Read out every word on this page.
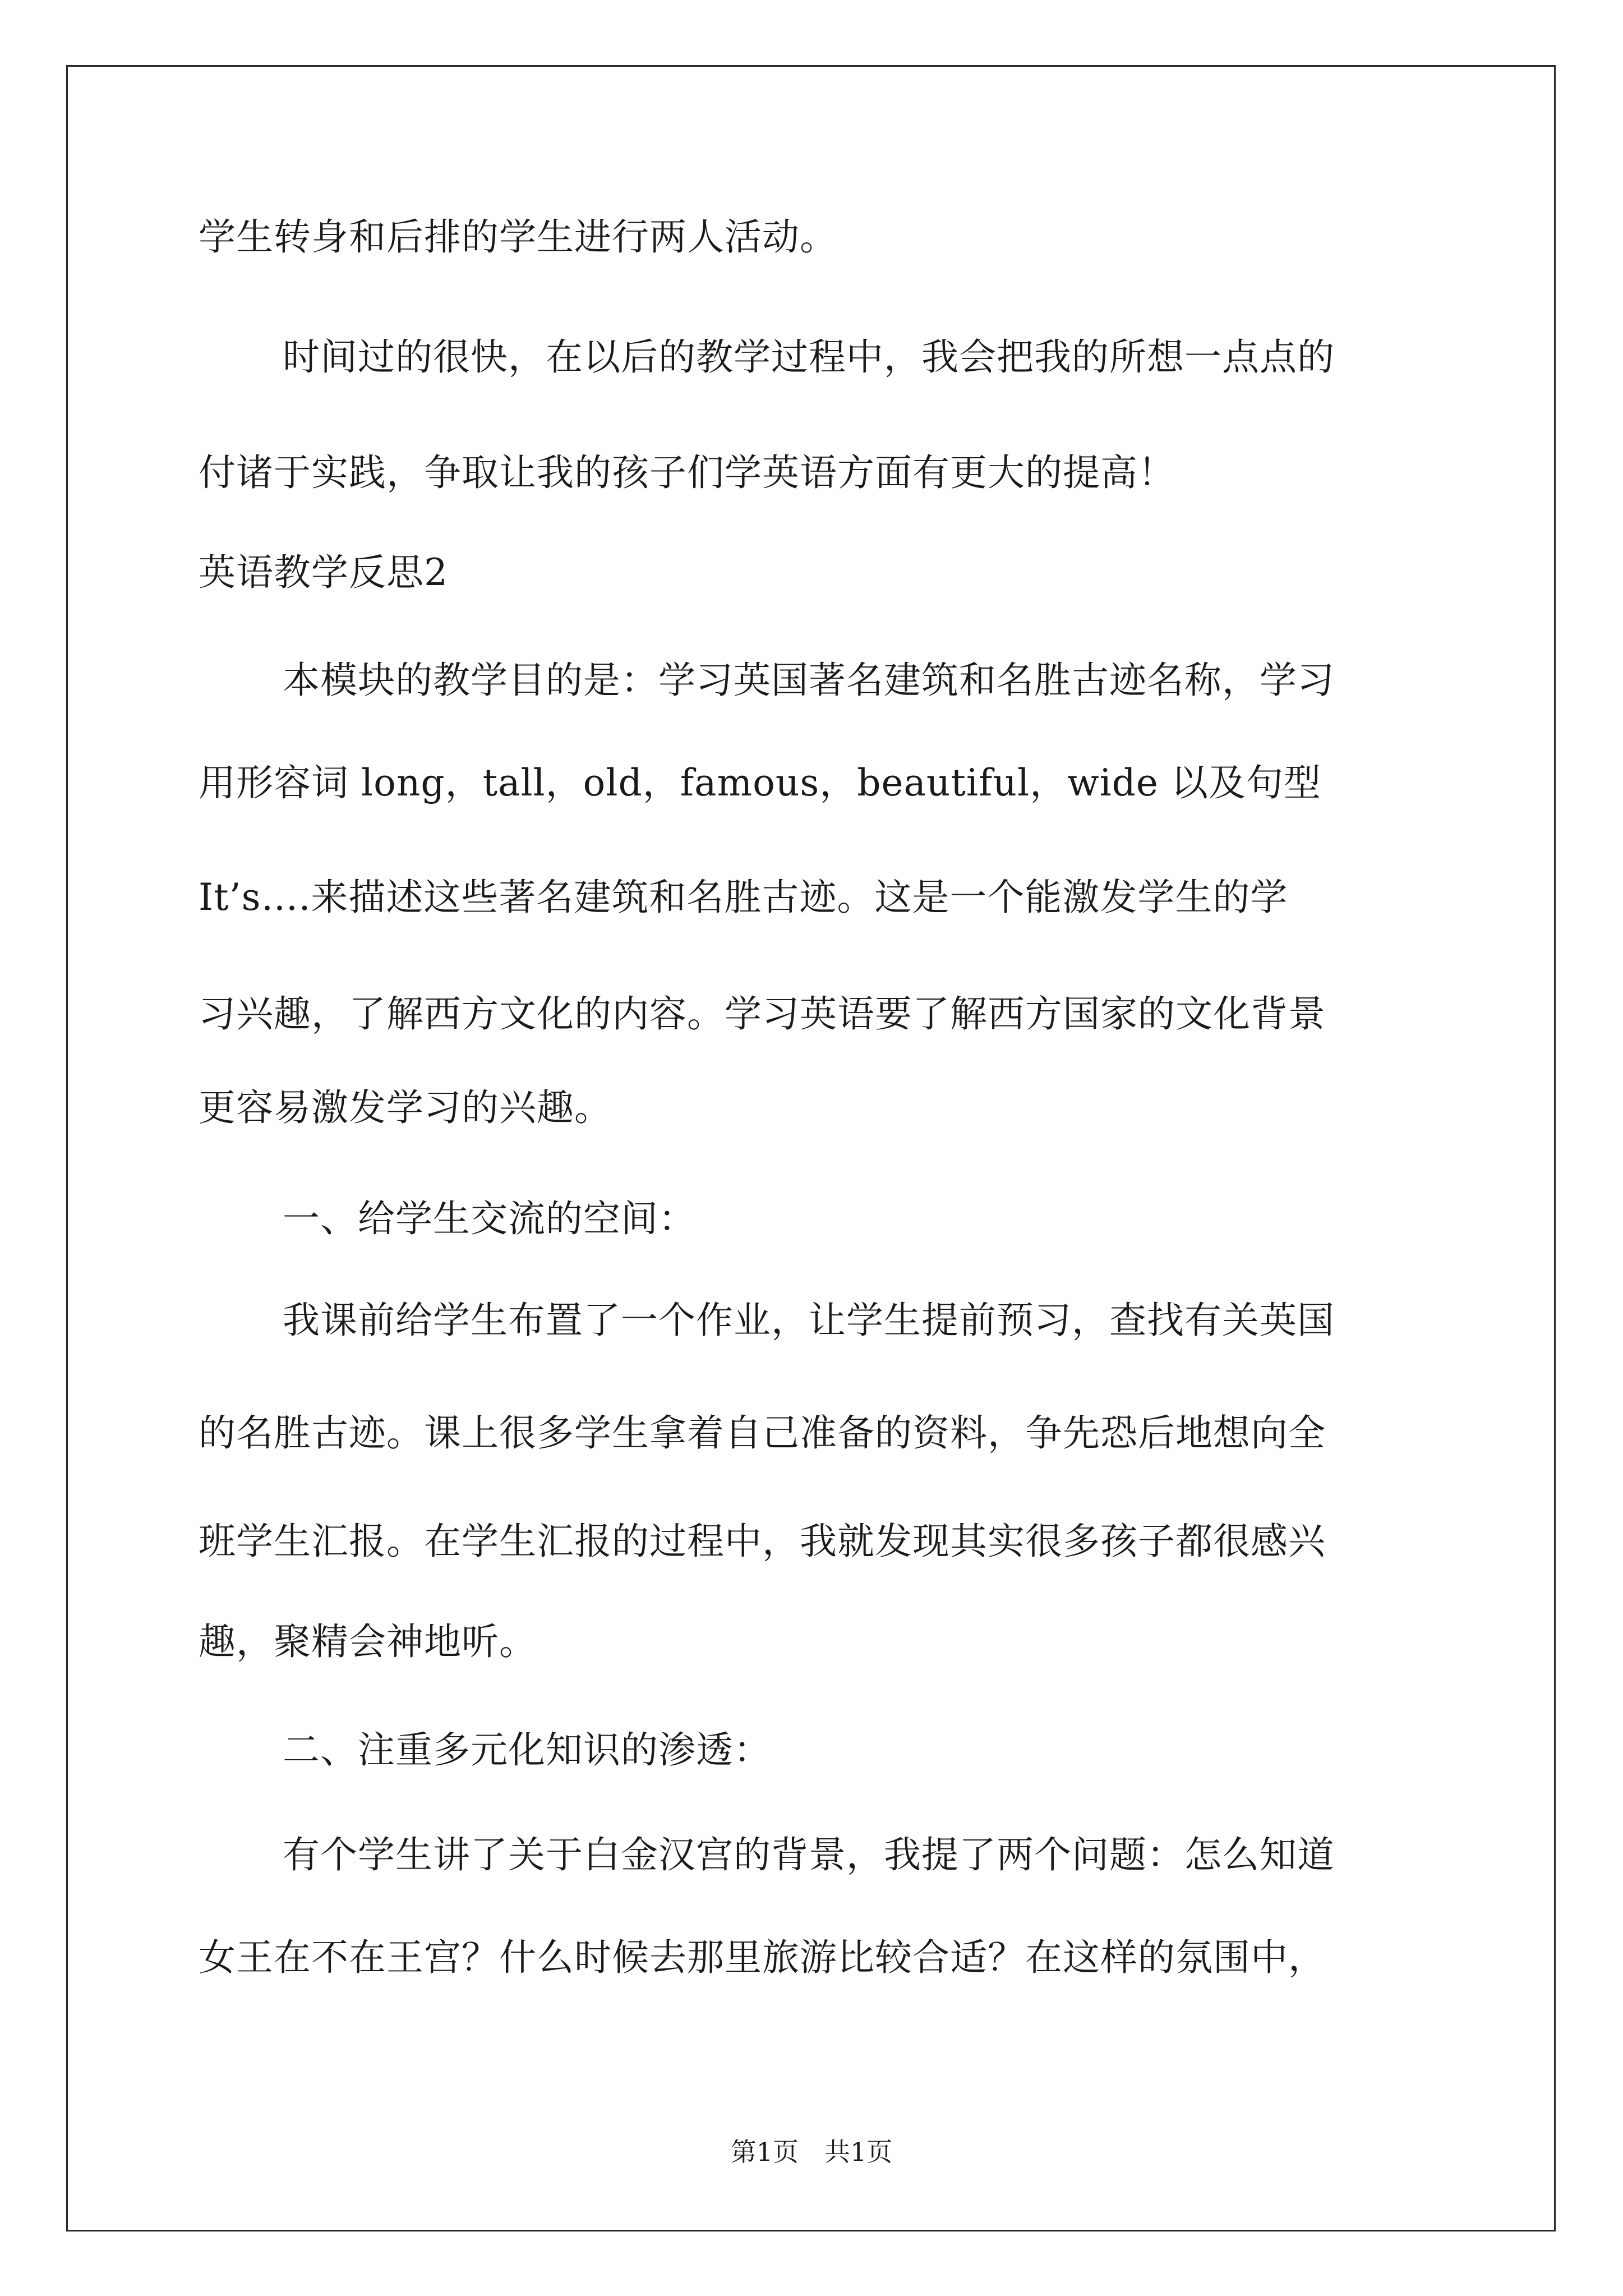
学生转身和后排的学生进行两人活动。
时间过的很快，在以后的教学过程中，我会把我的所想一点点的
付诸于实践，争取让我的孩子们学英语方面有更大的提高！
英语教学反思2
本模块的教学目的是：学习英国著名建筑和名胜古迹名称，学习
用形容词 long，tall，old，famous，beautiful，wide 以及句型
It’s….来描述这些著名建筑和名胜古迹。这是一个能激发学生的学
习兴趣，了解西方文化的内容。学习英语要了解西方国家的文化背景
更容易激发学习的兴趣。
一、给学生交流的空间：
我课前给学生布置了一个作业，让学生提前预习，查找有关英国
的名胜古迹。课上很多学生拿着自己准备的资料，争先恐后地想向全
班学生汇报。在学生汇报的过程中，我就发现其实很多孩子都很感兴
趣，聚精会神地听。
二、注重多元化知识的渗透：
有个学生讲了关于白金汉宫的背景，我提了两个问题：怎么知道
女王在不在王宫？什么时候去那里旅游比较合适？在这样的氛围中，
第1页　共1页
